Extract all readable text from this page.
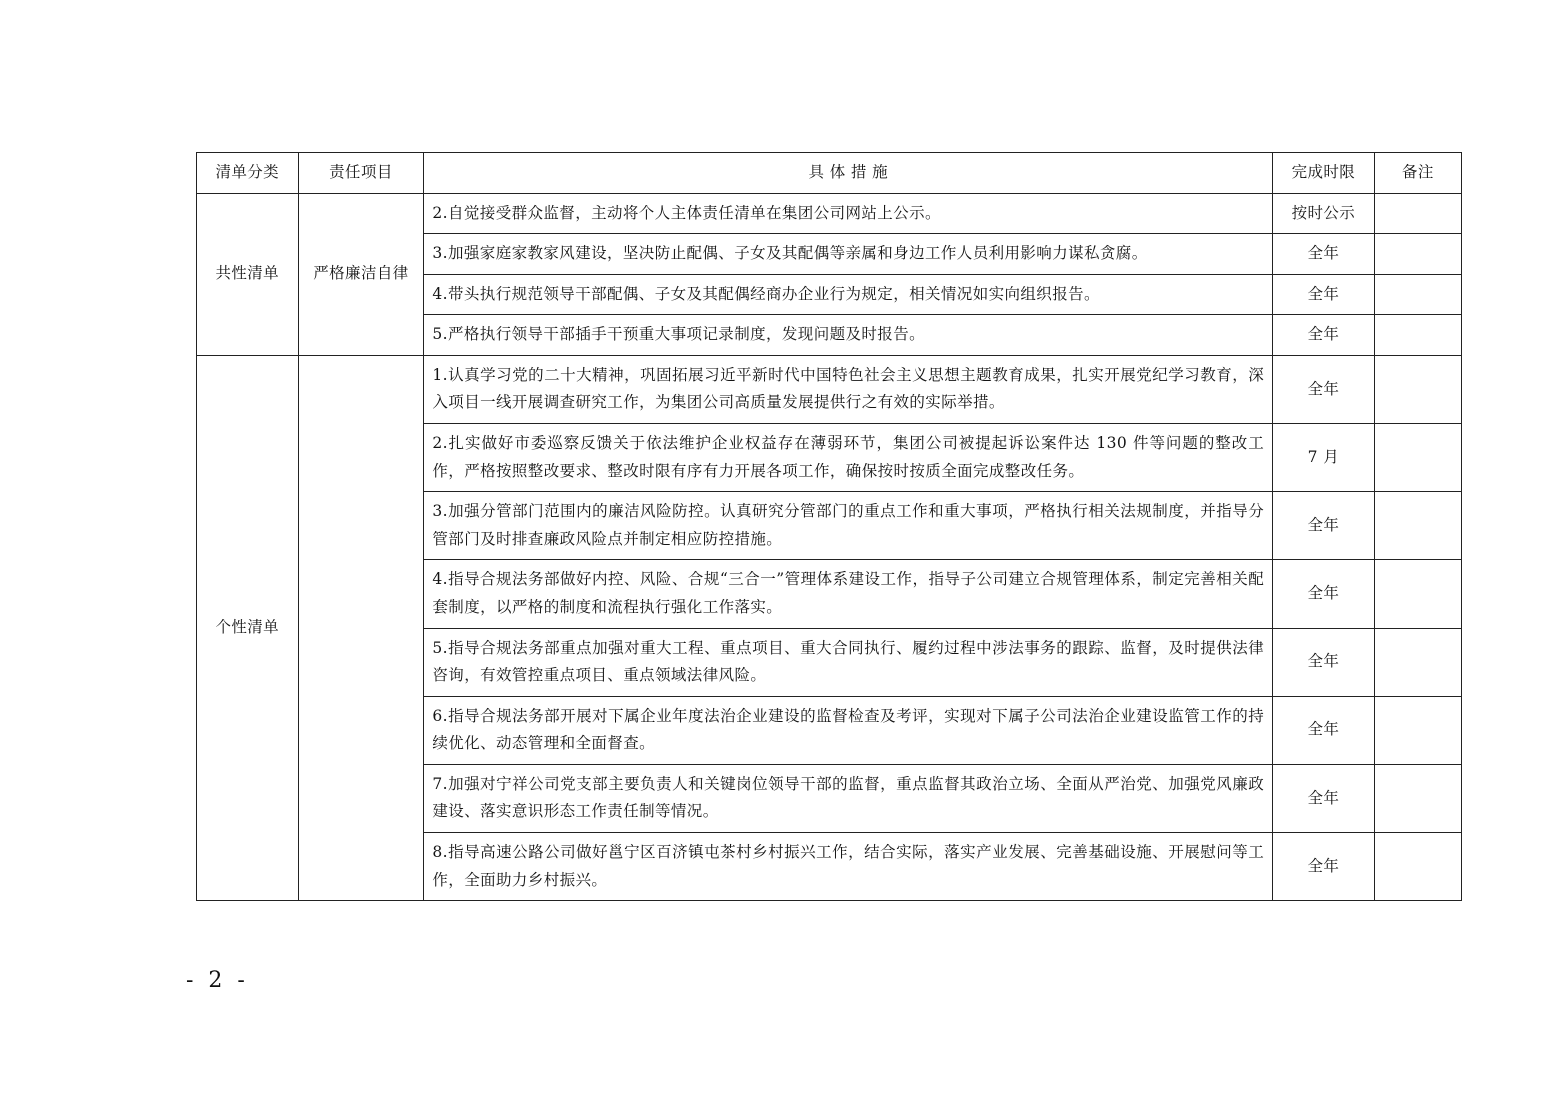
清单分类	责任项目	具 体 措 施	完成时限	备注
共性清单	严格廉洁自律	2.自觉接受群众监督，主动将个人主体责任清单在集团公司网站上公示。	按时公示	
		3.加强家庭家教家风建设，坚决防止配偶、子女及其配偶等亲属和身边工作人员利用影响力谋私贪腐。	全年	
		4.带头执行规范领导干部配偶、子女及其配偶经商办企业行为规定，相关情况如实向组织报告。	全年	
		5.严格执行领导干部插手干预重大事项记录制度，发现问题及时报告。	全年	
个性清单		1.认真学习党的二十大精神，巩固拓展习近平新时代中国特色社会主义思想主题教育成果，扎实开展党纪学习教育，深入项目一线开展调查研究工作，为集团公司高质量发展提供行之有效的实际举措。	全年	
		2.扎实做好市委巡察反馈关于依法维护企业权益存在薄弱环节，集团公司被提起诉讼案件达 130 件等问题的整改工作，严格按照整改要求、整改时限有序有力开展各项工作，确保按时按质全面完成整改任务。	7 月	
		3.加强分管部门范围内的廉洁风险防控。认真研究分管部门的重点工作和重大事项，严格执行相关法规制度，并指导分管部门及时排查廉政风险点并制定相应防控措施。	全年	
		4.指导合规法务部做好内控、风险、合规“三合一”管理体系建设工作，指导子公司建立合规管理体系，制定完善相关配套制度，以严格的制度和流程执行强化工作落实。	全年	
		5.指导合规法务部重点加强对重大工程、重点项目、重大合同执行、履约过程中涉法事务的跟踪、监督，及时提供法律咨询，有效管控重点项目、重点领域法律风险。	全年	
		6.指导合规法务部开展对下属企业年度法治企业建设的监督检查及考评，实现对下属子公司法治企业建设监管工作的持续优化、动态管理和全面督查。	全年	
		7.加强对宁祥公司党支部主要负责人和关键岗位领导干部的监督，重点监督其政治立场、全面从严治党、加强党风廉政建设、落实意识形态工作责任制等情况。	全年	
		8.指导高速公路公司做好邕宁区百济镇屯茶村乡村振兴工作，结合实际，落实产业发展、完善基础设施、开展慰问等工作，全面助力乡村振兴。	全年	
- 2 -
